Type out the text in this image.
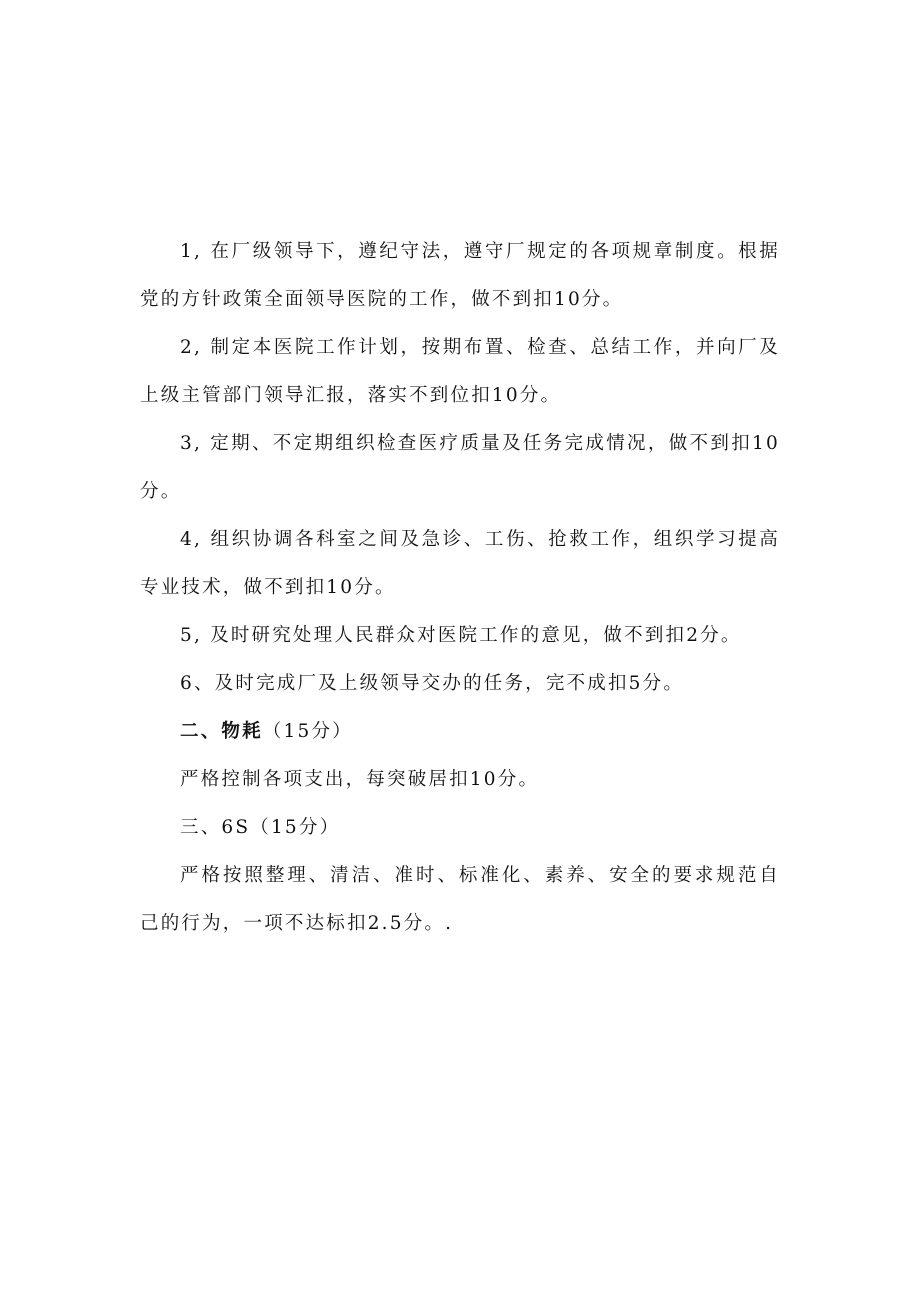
1, 在厂级领导下，遵纪守法，遵守厂规定的各项规章制度。根据党的方针政策全面领导医院的工作，做不到扣10分。

2, 制定本医院工作计划，按期布置、检查、总结工作，并向厂及上级主管部门领导汇报，落实不到位扣10分。

3, 定期、不定期组织检查医疗质量及任务完成情况，做不到扣10分。

4, 组织协调各科室之间及急诊、工伤、抢救工作，组织学习提高专业技术，做不到扣10分。

5, 及时研究处理人民群众对医院工作的意见，做不到扣2分。

6、及时完成厂及上级领导交办的任务，完不成扣5分。

二、物耗（15分）

严格控制各项支出，每突破居扣10分。

三、6S（15分）

严格按照整理、清洁、准时、标准化、素养、安全的要求规范自己的行为，一项不达标扣2.5分。.
